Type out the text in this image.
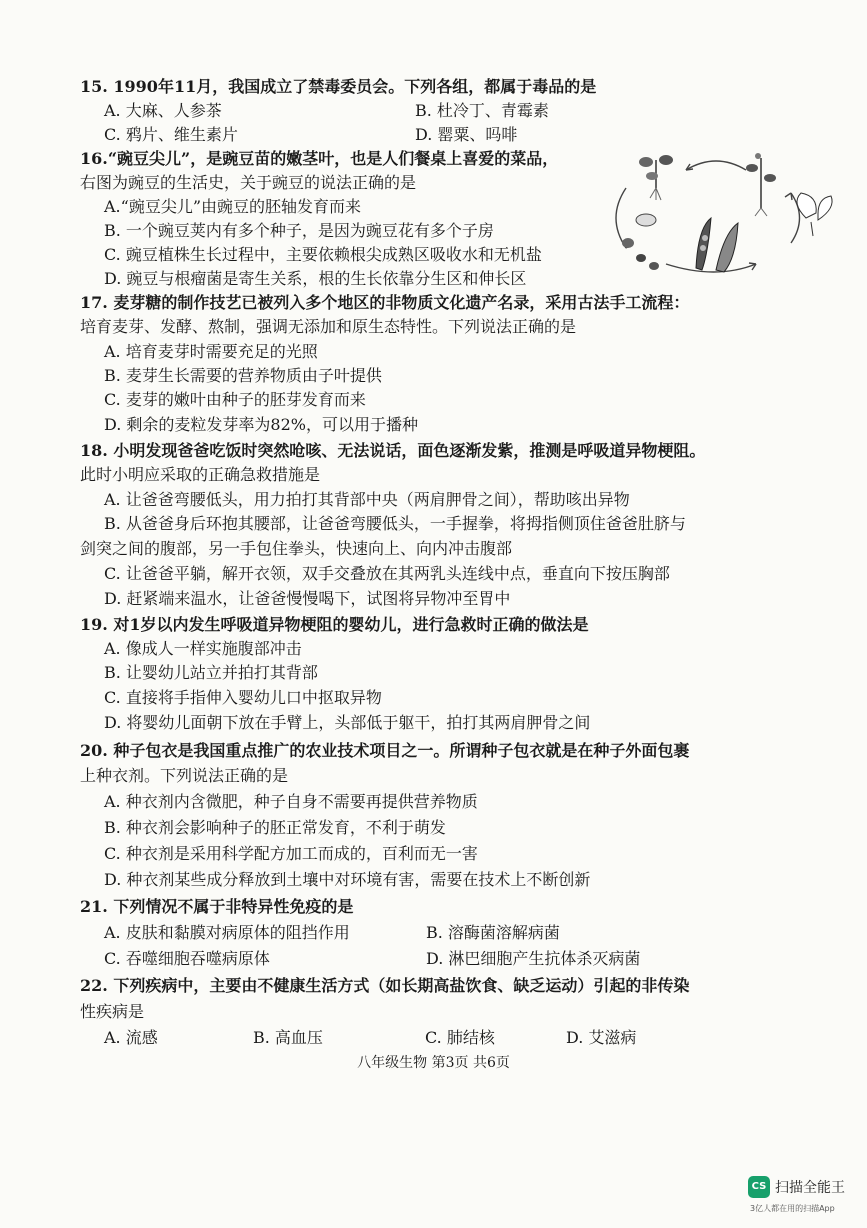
15. 1990年11月，我国成立了禁毒委员会。下列各组，都属于毒品的是
A. 大麻、人参茶	B. 杜冷丁、青霉素
C. 鸦片、维生素片	D. 罂粟、吗啡
16.“豌豆尖儿”，是豌豆苗的嫩茎叶，也是人们餐桌上喜爱的菜品，
右图为豌豆的生活史，关于豌豆的说法正确的是
A.“豌豆尖儿”由豌豆的胚轴发育而来
B. 一个豌豆荚内有多个种子，是因为豌豆花有多个子房
C. 豌豆植株生长过程中，主要依赖根尖成熟区吸收水和无机盐
D. 豌豆与根瘤菌是寄生关系，根的生长依靠分生区和伸长区
17. 麦芽糖的制作技艺已被列入多个地区的非物质文化遗产名录，采用古法手工流程：
培育麦芽、发酵、熬制，强调无添加和原生态特性。下列说法正确的是
A. 培育麦芽时需要充足的光照
B. 麦芽生长需要的营养物质由子叶提供
C. 麦芽的嫩叶由种子的胚芽发育而来
D. 剩余的麦粒发芽率为82%，可以用于播种
18. 小明发现爸爸吃饭时突然呛咳、无法说话，面色逐渐发紫，推测是呼吸道异物梗阻。
此时小明应采取的正确急救措施是
A. 让爸爸弯腰低头，用力拍打其背部中央（两肩胛骨之间），帮助咳出异物
B. 从爸爸身后环抱其腰部，让爸爸弯腰低头，一手握拳，将拇指侧顶住爸爸肚脐与
剑突之间的腹部，另一手包住拳头，快速向上、向内冲击腹部
C. 让爸爸平躺，解开衣领，双手交叠放在其两乳头连线中点，垂直向下按压胸部
D. 赶紧端来温水，让爸爸慢慢喝下，试图将异物冲至胃中
19. 对1岁以内发生呼吸道异物梗阻的婴幼儿，进行急救时正确的做法是
A. 像成人一样实施腹部冲击
B. 让婴幼儿站立并拍打其背部
C. 直接将手指伸入婴幼儿口中抠取异物
D. 将婴幼儿面朝下放在手臂上，头部低于躯干，拍打其两肩胛骨之间
20. 种子包衣是我国重点推广的农业技术项目之一。所谓种子包衣就是在种子外面包裹
上种衣剂。下列说法正确的是
A. 种衣剂内含微肥，种子自身不需要再提供营养物质
B. 种衣剂会影响种子的胚正常发育，不利于萌发
C. 种衣剂是采用科学配方加工而成的，百利而无一害
D. 种衣剂某些成分释放到土壤中对环境有害，需要在技术上不断创新
21. 下列情况不属于非特异性免疫的是
A. 皮肤和黏膜对病原体的阻挡作用	B. 溶酶菌溶解病菌
C. 吞噬细胞吞噬病原体	D. 淋巴细胞产生抗体杀灭病菌
22. 下列疾病中，主要由不健康生活方式（如长期高盐饮食、缺乏运动）引起的非传染
性疾病是
A. 流感	B. 高血压	C. 肺结核	D. 艾滋病
八年级生物 第3页 共6页
CS 扫描全能王
3亿人都在用的扫描App
